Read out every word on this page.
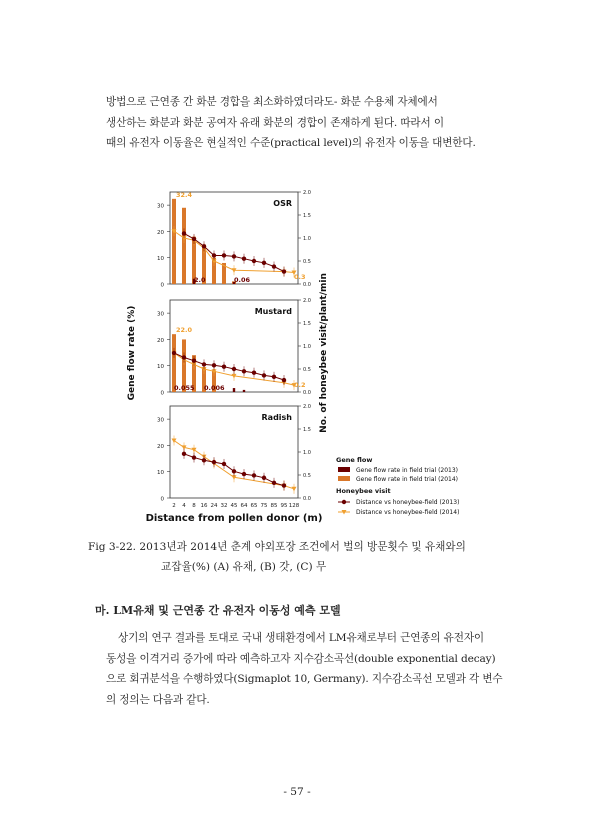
방법으로 근연종 간 화분 경합을 최소화하였더라도- 화분 수용체 자체에서
생산하는 화분과 화분 공여자 유래 화분의 경합이 존재하게 된다. 따라서 이
때의 유전자 이동율은 현실적인 수준(practical level)의 유전자 이동을 대변한다.
0
10
20
30
0.0
0.5
1.0
1.5
2.0
OSR
32.4
2.0	0.06	0.3
0
10
20
30
0.0
0.5
1.0
1.5
2.0
Mustard
22.0
0.055 0.006	0.2
0
10
20
30
0.0
0.5
1.0
1.5
2.0
Radish
2 4 8 16 24 32 45 64 65 75 85 95 128
Gene flow rate (%)	No. of honeybee visit/plant/min
Distance from pollen donor (m)
Gene flow
Gene flow rate in field trial (2013)
Gene flow rate in field trial (2014)
Honeybee visit
Distance vs honeybee-field (2013)
Distance vs honeybee-field (2014)
Fig 3-22. 2013년과 2014년 춘계 야외포장 조건에서 벌의 방문횟수 및 유채와의
교잡율(%) (A) 유채, (B) 갓, (C) 무
마. LM유채 및 근연종 간 유전자 이동성 예측 모델
상기의 연구 결과를 토대로 국내 생태환경에서 LM유채로부터 근연종의 유전자이
동성을 이격거리 증가에 따라 예측하고자 지수감소곡선(double exponential decay)
으로 회귀분석을 수행하였다(Sigmaplot 10, Germany). 지수감소곡선 모델과 각 변수
의 정의는 다음과 같다.
- 57 -
